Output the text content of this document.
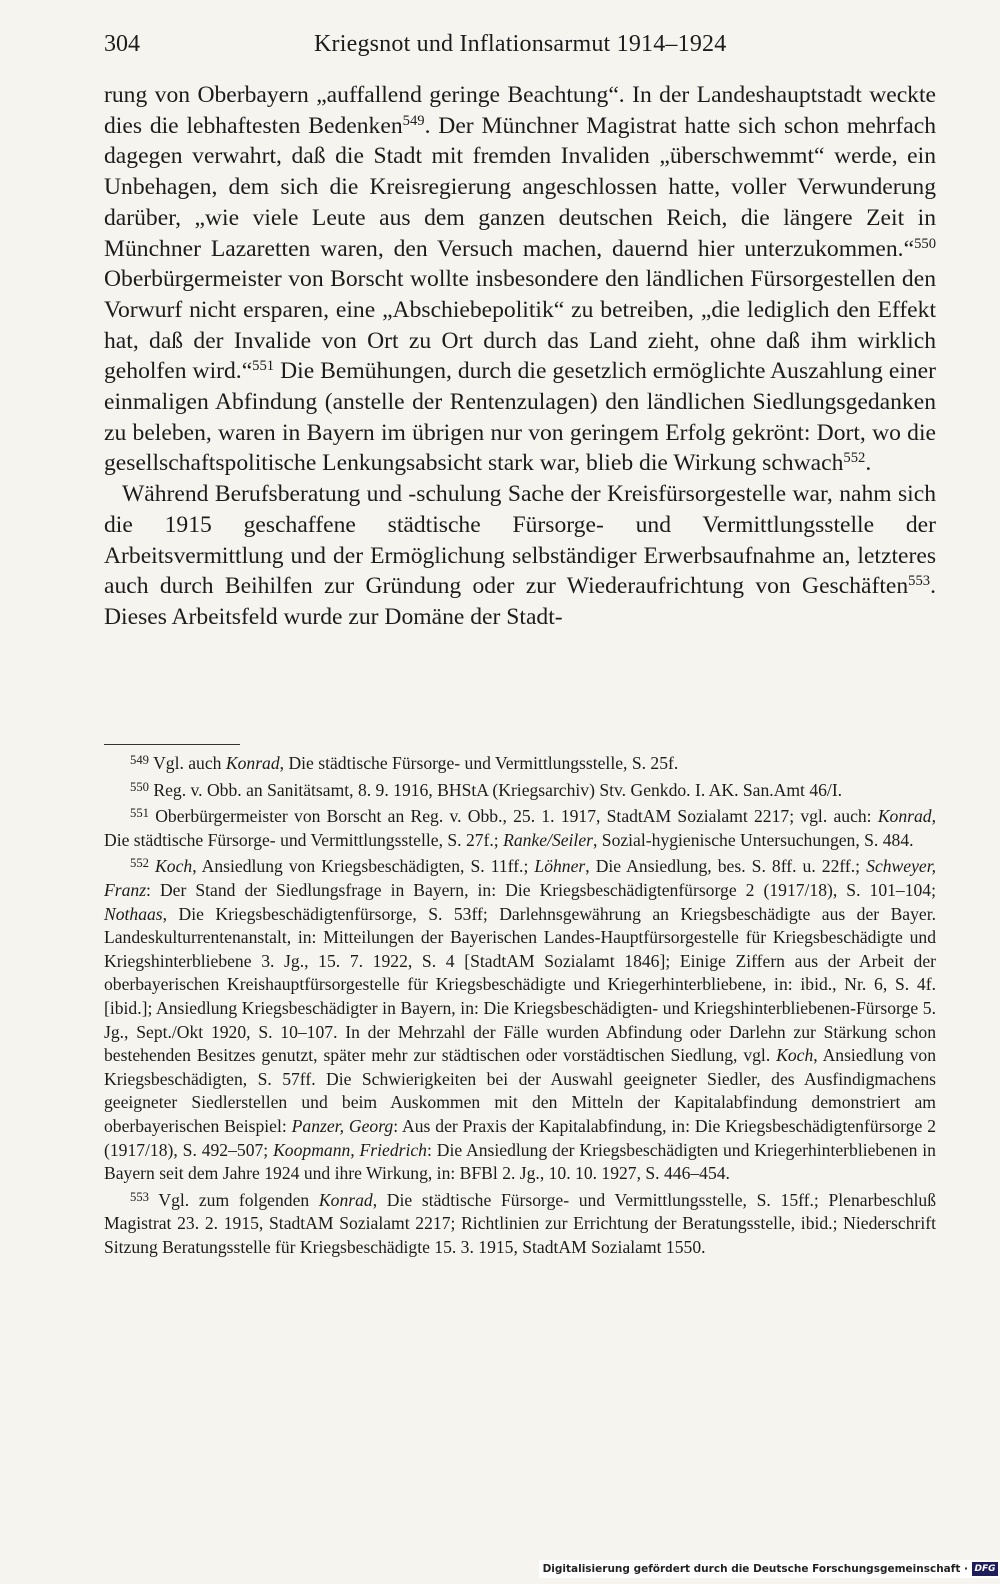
304	Kriegsnot und Inflationsarmut 1914–1924

rung von Oberbayern „auffallend geringe Beachtung“. In der Landeshauptstadt weckte dies die lebhaftesten Bedenken$^{549}$. Der Münchner Magistrat hatte sich schon mehrfach dagegen verwahrt, daß die Stadt mit fremden Invaliden „überschwemmt“ werde, ein Unbehagen, dem sich die Kreisregierung angeschlossen hatte, voller Verwunderung darüber, „wie viele Leute aus dem ganzen deutschen Reich, die längere Zeit in Münchner Lazaretten waren, den Versuch machen, dauernd hier unterzukommen.“$^{550}$ Oberbürgermeister von Borscht wollte insbesondere den ländlichen Fürsorgestellen den Vorwurf nicht ersparen, eine „Abschiebepolitik“ zu betreiben, „die lediglich den Effekt hat, daß der Invalide von Ort zu Ort durch das Land zieht, ohne daß ihm wirklich geholfen wird.“$^{551}$ Die Bemühungen, durch die gesetzlich ermöglichte Auszahlung einer einmaligen Abfindung (anstelle der Rentenzulagen) den ländlichen Siedlungsgedanken zu beleben, waren in Bayern im übrigen nur von geringem Erfolg gekrönt: Dort, wo die gesellschaftspolitische Lenkungsabsicht stark war, blieb die Wirkung schwach$^{552}$.

Während Berufsberatung und -schulung Sache der Kreisfürsorgestelle war, nahm sich die 1915 geschaffene städtische Fürsorge- und Vermittlungsstelle der Arbeitsvermittlung und der Ermöglichung selbständiger Erwerbsaufnahme an, letzteres auch durch Beihilfen zur Gründung oder zur Wiederaufrichtung von Geschäften$^{553}$. Dieses Arbeitsfeld wurde zur Domäne der Stadt-

$^{549}$ Vgl. auch Konrad, Die städtische Fürsorge- und Vermittlungsstelle, S. 25f.

$^{550}$ Reg. v. Obb. an Sanitätsamt, 8. 9. 1916, BHStA (Kriegsarchiv) Stv. Genkdo. I. AK. San.Amt 46/I.

$^{551}$ Oberbürgermeister von Borscht an Reg. v. Obb., 25. 1. 1917, StadtAM Sozialamt 2217; vgl. auch: Konrad, Die städtische Fürsorge- und Vermittlungsstelle, S. 27f.; Ranke/Seiler, Sozial-hygienische Untersuchungen, S. 484.

$^{552}$ Koch, Ansiedlung von Kriegsbeschädigten, S. 11ff.; Löhner, Die Ansiedlung, bes. S. 8ff. u. 22ff.; Schweyer, Franz: Der Stand der Siedlungsfrage in Bayern, in: Die Kriegsbeschädigtenfürsorge 2 (1917/18), S. 101–104; Nothaas, Die Kriegsbeschädigtenfürsorge, S. 53ff; Darlehnsgewährung an Kriegsbeschädigte aus der Bayer. Landeskulturrentenanstalt, in: Mitteilungen der Bayerischen Landes-Hauptfürsorgestelle für Kriegsbeschädigte und Kriegshinterbliebene 3. Jg., 15. 7. 1922, S. 4 [StadtAM Sozialamt 1846]; Einige Ziffern aus der Arbeit der oberbayerischen Kreishauptfürsorgestelle für Kriegsbeschädigte und Kriegerhinterbliebene, in: ibid., Nr. 6, S. 4f. [ibid.]; Ansiedlung Kriegsbeschädigter in Bayern, in: Die Kriegsbeschädigten- und Kriegshinterbliebenen-Fürsorge 5. Jg., Sept./Okt 1920, S. 10–107. In der Mehrzahl der Fälle wurden Abfindung oder Darlehn zur Stärkung schon bestehenden Besitzes genutzt, später mehr zur städtischen oder vorstädtischen Siedlung, vgl. Koch, Ansiedlung von Kriegsbeschädigten, S. 57ff. Die Schwierigkeiten bei der Auswahl geeigneter Siedler, des Ausfindigmachens geeigneter Siedlerstellen und beim Auskommen mit den Mitteln der Kapitalabfindung demonstriert am oberbayerischen Beispiel: Panzer, Georg: Aus der Praxis der Kapitalabfindung, in: Die Kriegsbeschädigtenfürsorge 2 (1917/18), S. 492–507; Koopmann, Friedrich: Die Ansiedlung der Kriegsbeschädigten und Kriegerhinterbliebenen in Bayern seit dem Jahre 1924 und ihre Wirkung, in: BFBl 2. Jg., 10. 10. 1927, S. 446–454.

$^{553}$ Vgl. zum folgenden Konrad, Die städtische Fürsorge- und Vermittlungsstelle, S. 15ff.; Plenarbeschluß Magistrat 23. 2. 1915, StadtAM Sozialamt 2217; Richtlinien zur Errichtung der Beratungsstelle, ibid.; Niederschrift Sitzung Beratungsstelle für Kriegsbeschädigte 15. 3. 1915, StadtAM Sozialamt 1550.

Digitalisierung gefördert durch die Deutsche Forschungsgemeinschaft · DFG
